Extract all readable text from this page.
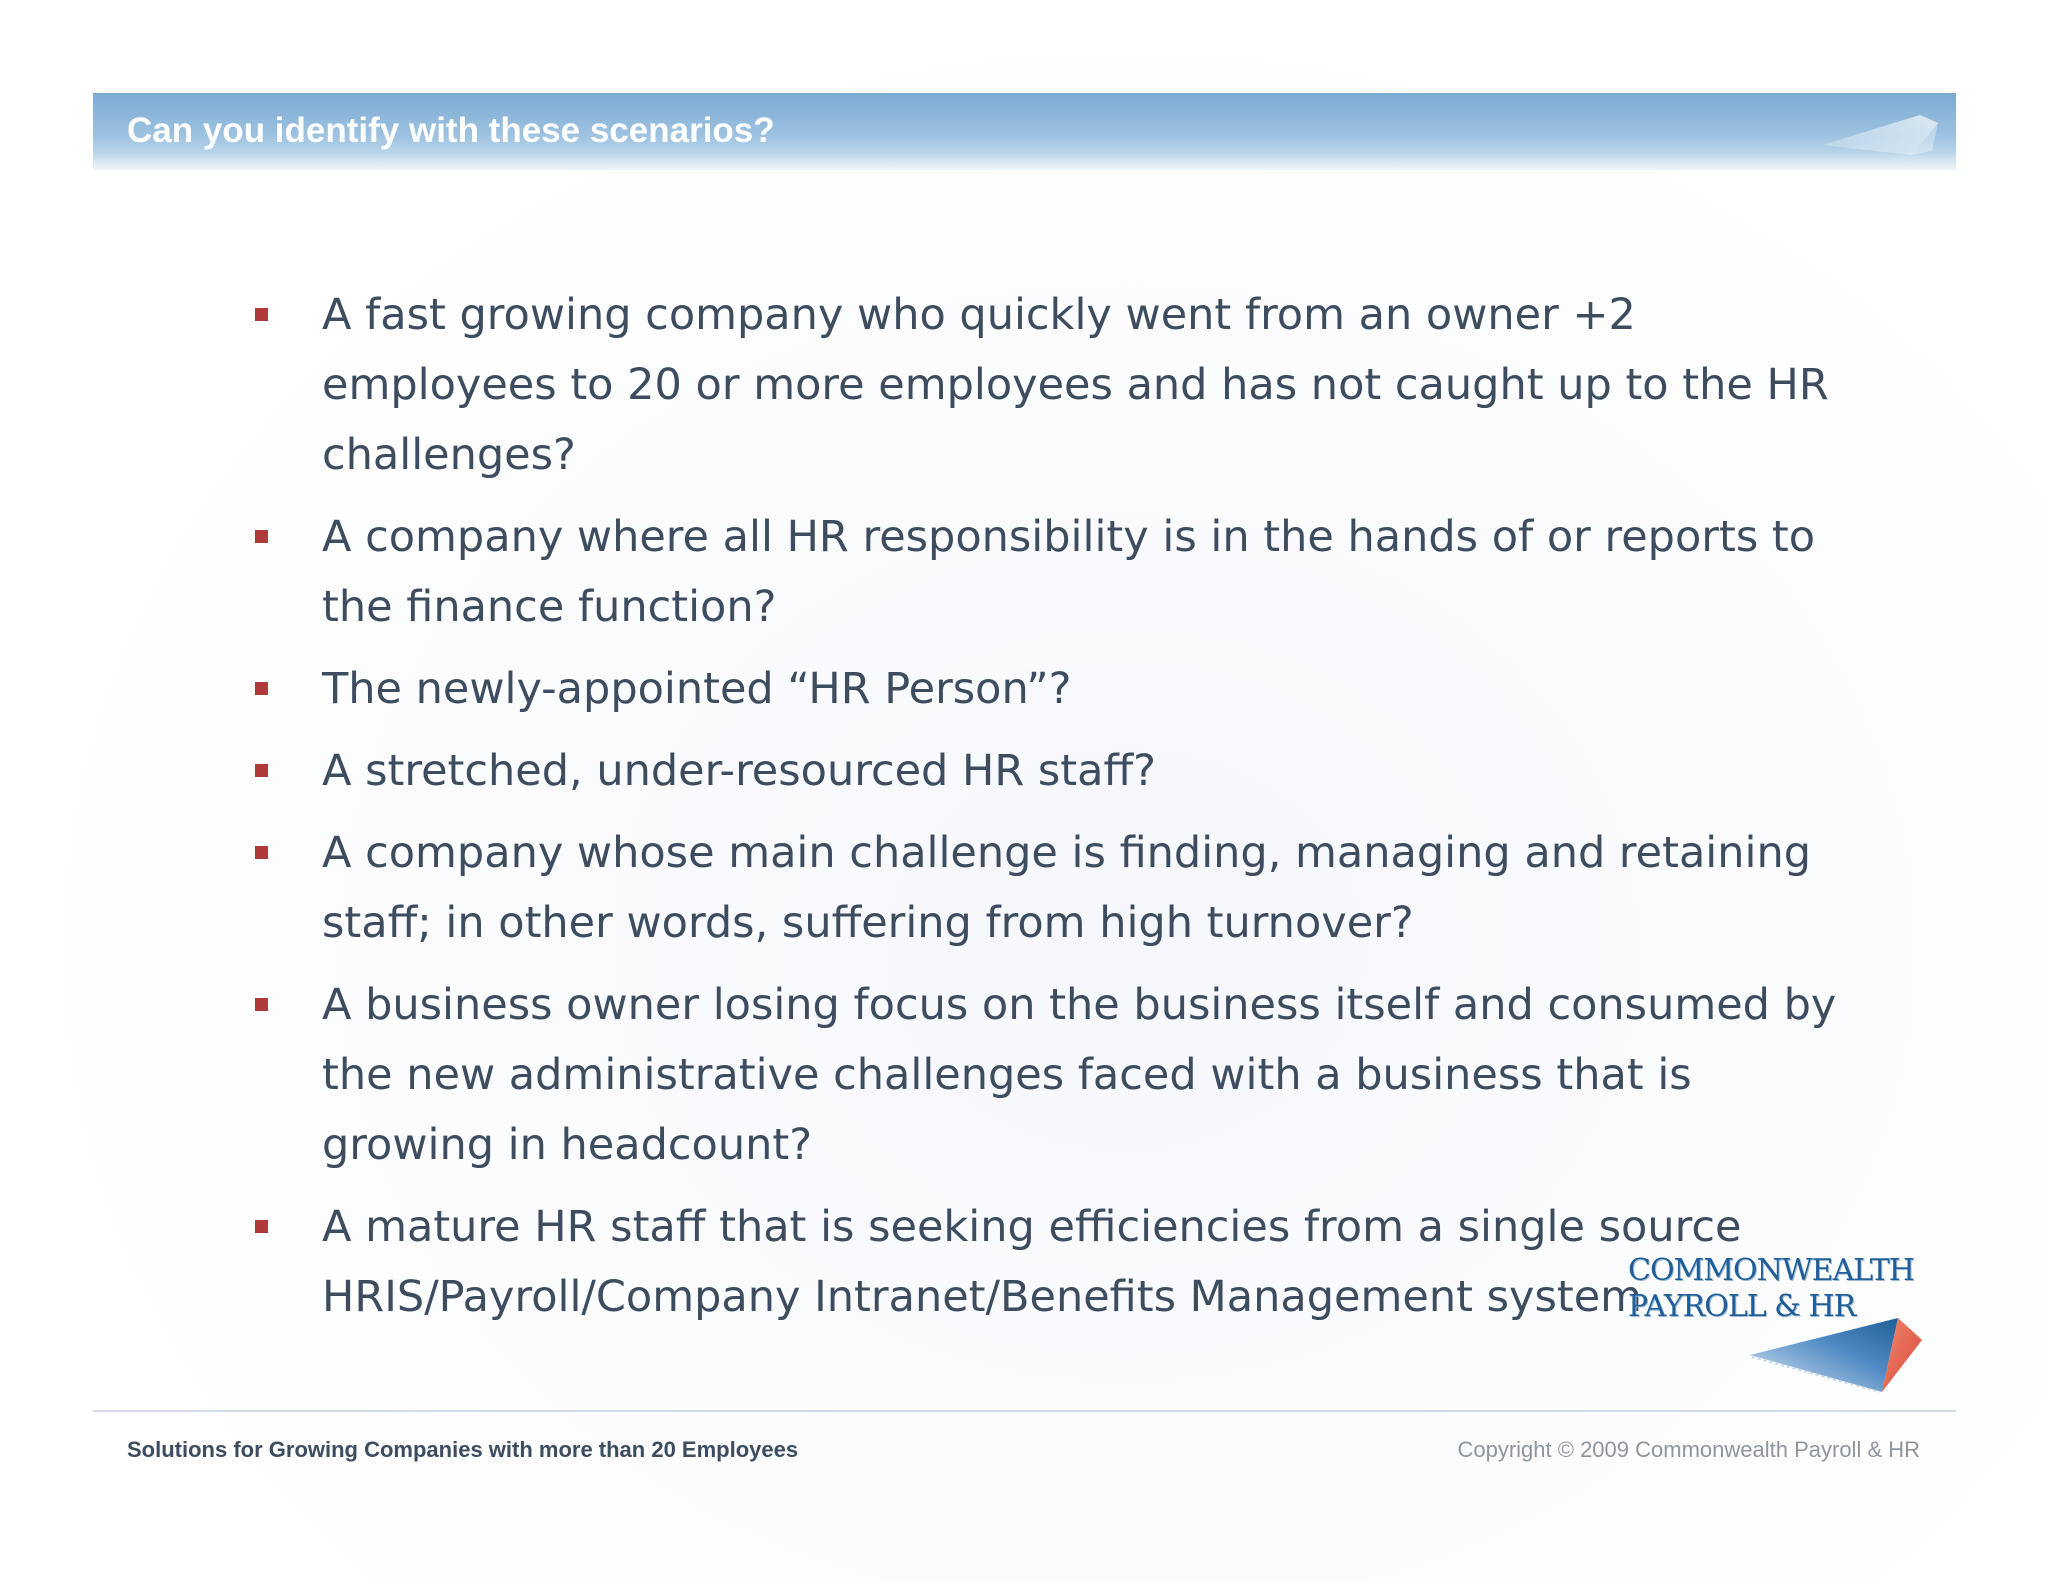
Can you identify with these scenarios?
A fast growing company who quickly went from an owner +2 employees to 20 or more employees and has not caught up to the HR challenges?
A company where all HR responsibility is in the hands of or reports to the finance function?
The newly-appointed “HR Person”?
A stretched, under-resourced HR staff?
A company whose main challenge is finding, managing and retaining staff; in other words, suffering from high turnover?
A business owner losing focus on the business itself and consumed by the new administrative challenges faced with a business that is growing in headcount?
A mature HR staff that is seeking efficiencies from a single source HRIS/Payroll/Company Intranet/Benefits Management system
COMMONWEALTH
PAYROLL & HR
Solutions for Growing Companies with more than 20 Employees	Copyright © 2009 Commonwealth Payroll & HR
